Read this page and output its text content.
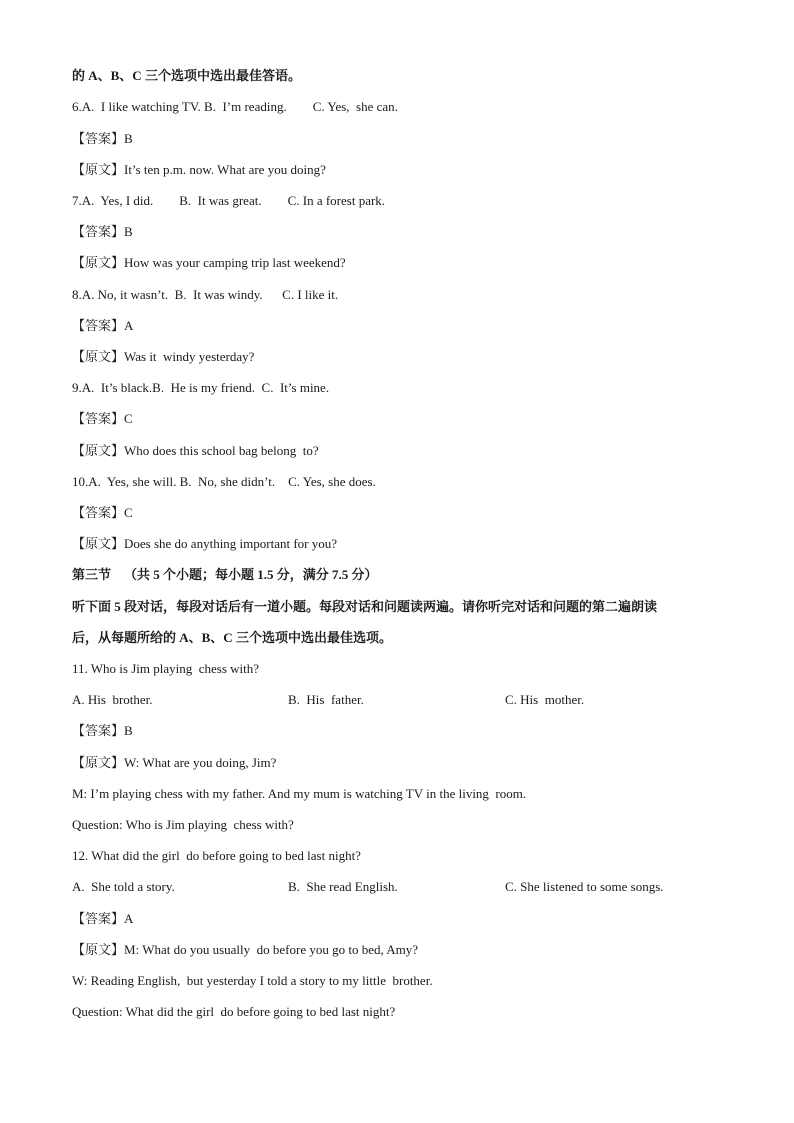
的 A、B、C 三个选项中选出最佳答语。
6.A.  I like watching TV. B.  I’m reading.        C. Yes,  she can.
【答案】B
【原文】It’s ten p.m. now. What are you doing?
7.A.  Yes, I did.        B.  It was great.        C. In a forest park.
【答案】B
【原文】How was your camping trip last weekend?
8.A. No, it wasn’t.  B.  It was windy.      C. I like it.
【答案】A
【原文】Was it  windy yesterday?
9.A.  It’s black.B.  He is my friend.  C.  It’s mine.
【答案】C
【原文】Who does this school bag belong  to?
10.A.  Yes, she will. B.  No, she didn’t.    C. Yes, she does.
【答案】C
【原文】Does she do anything important for you?
第三节    （共 5 个小题；每小题 1.5 分，满分 7.5 分）
听下面 5 段对话，每段对话后有一道小题。每段对话和问题读两遍。请你听完对话和问题的第二遍朗读
后，从每题所给的 A、B、C 三个选项中选出最佳选项。
11. Who is Jim playing  chess with?
A. His  brother.	B.  His  father.	C. His  mother.
【答案】B
【原文】W: What are you doing, Jim?
M: I’m playing chess with my father. And my mum is watching TV in the living  room.
Question: Who is Jim playing  chess with?
12. What did the girl  do before going to bed last night?
A.  She told a story.	B.  She read English.	C. She listened to some songs.
【答案】A
【原文】M: What do you usually  do before you go to bed, Amy?
W: Reading English,  but yesterday I told a story to my little  brother.
Question: What did the girl  do before going to bed last night?
